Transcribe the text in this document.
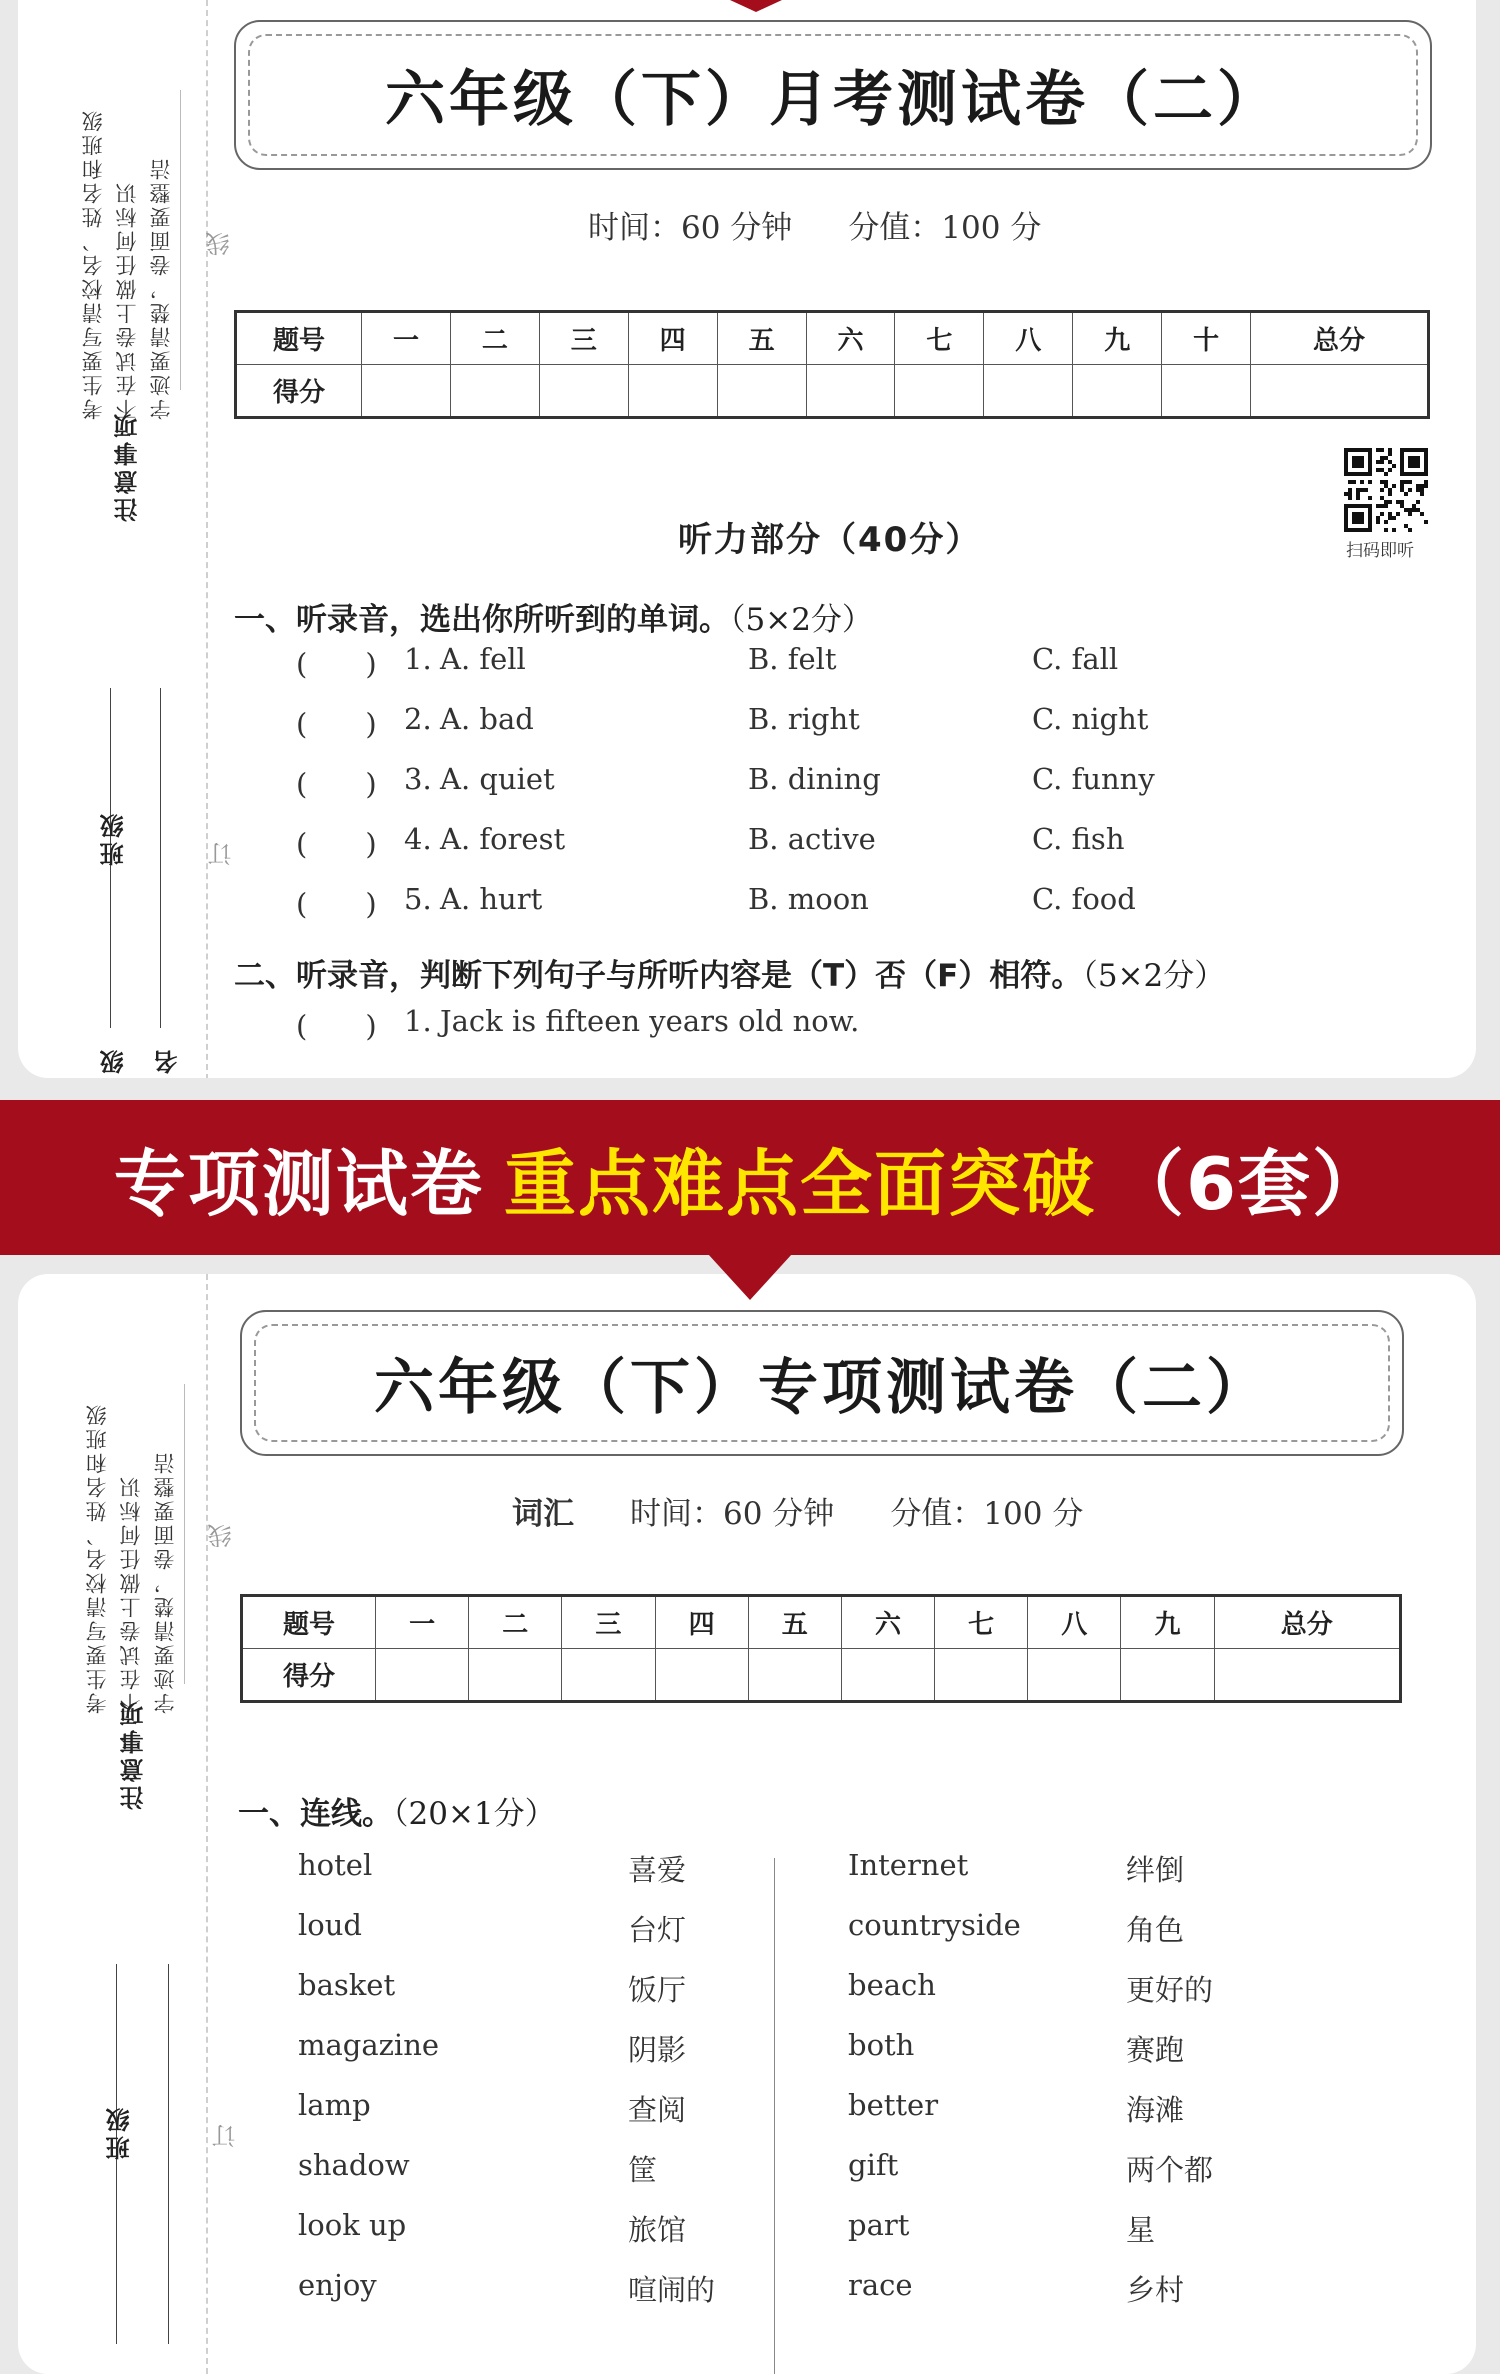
考生要写清校名、姓名和班级 不在试卷上做任何标识 字迹要清楚，卷面要整洁 线
注意事项
班级	订
级 名
六年级（下）月考测试卷（二）
时间：60 分钟 分值：100 分
题号	一	二	三	四	五	六	七	八	九	十	总分
得分											
扫码即听
听力部分（40分）
一、听录音，选出你所听到的单词。（5×2分）
(　　) 1. A. fell	B. felt	C. fall
(　　) 2. A. bad	B. right	C. night
(　　) 3. A. quiet	B. dining	C. funny
(　　) 4. A. forest	B. active	C. fish
(　　) 5. A. hurt	B. moon	C. food
二、听录音，判断下列句子与所听内容是（T）否（F）相符。（5×2分）
(　　) 1. Jack is fifteen years old now.
专项测试卷 重点难点全面突破 （6套）
考生要写清校名、姓名和班级 不在试卷上做任何标识 字迹要清楚，卷面要整洁 线
注意事项
班级	订
六年级（下）专项测试卷（二）
词汇 时间：60 分钟 分值：100 分
题号	一	二	三	四	五	六	七	八	九	总分
得分										
一、连线。（20×1分）
hotel	喜爱
loud	台灯
basket	饭厅
magazine	阴影
lamp	查阅
shadow	筐
look up	旅馆
enjoy	喧闹的
Internet	绊倒
countryside	角色
beach	更好的
both	赛跑
better	海滩
gift	两个都
part	星
race	乡村
